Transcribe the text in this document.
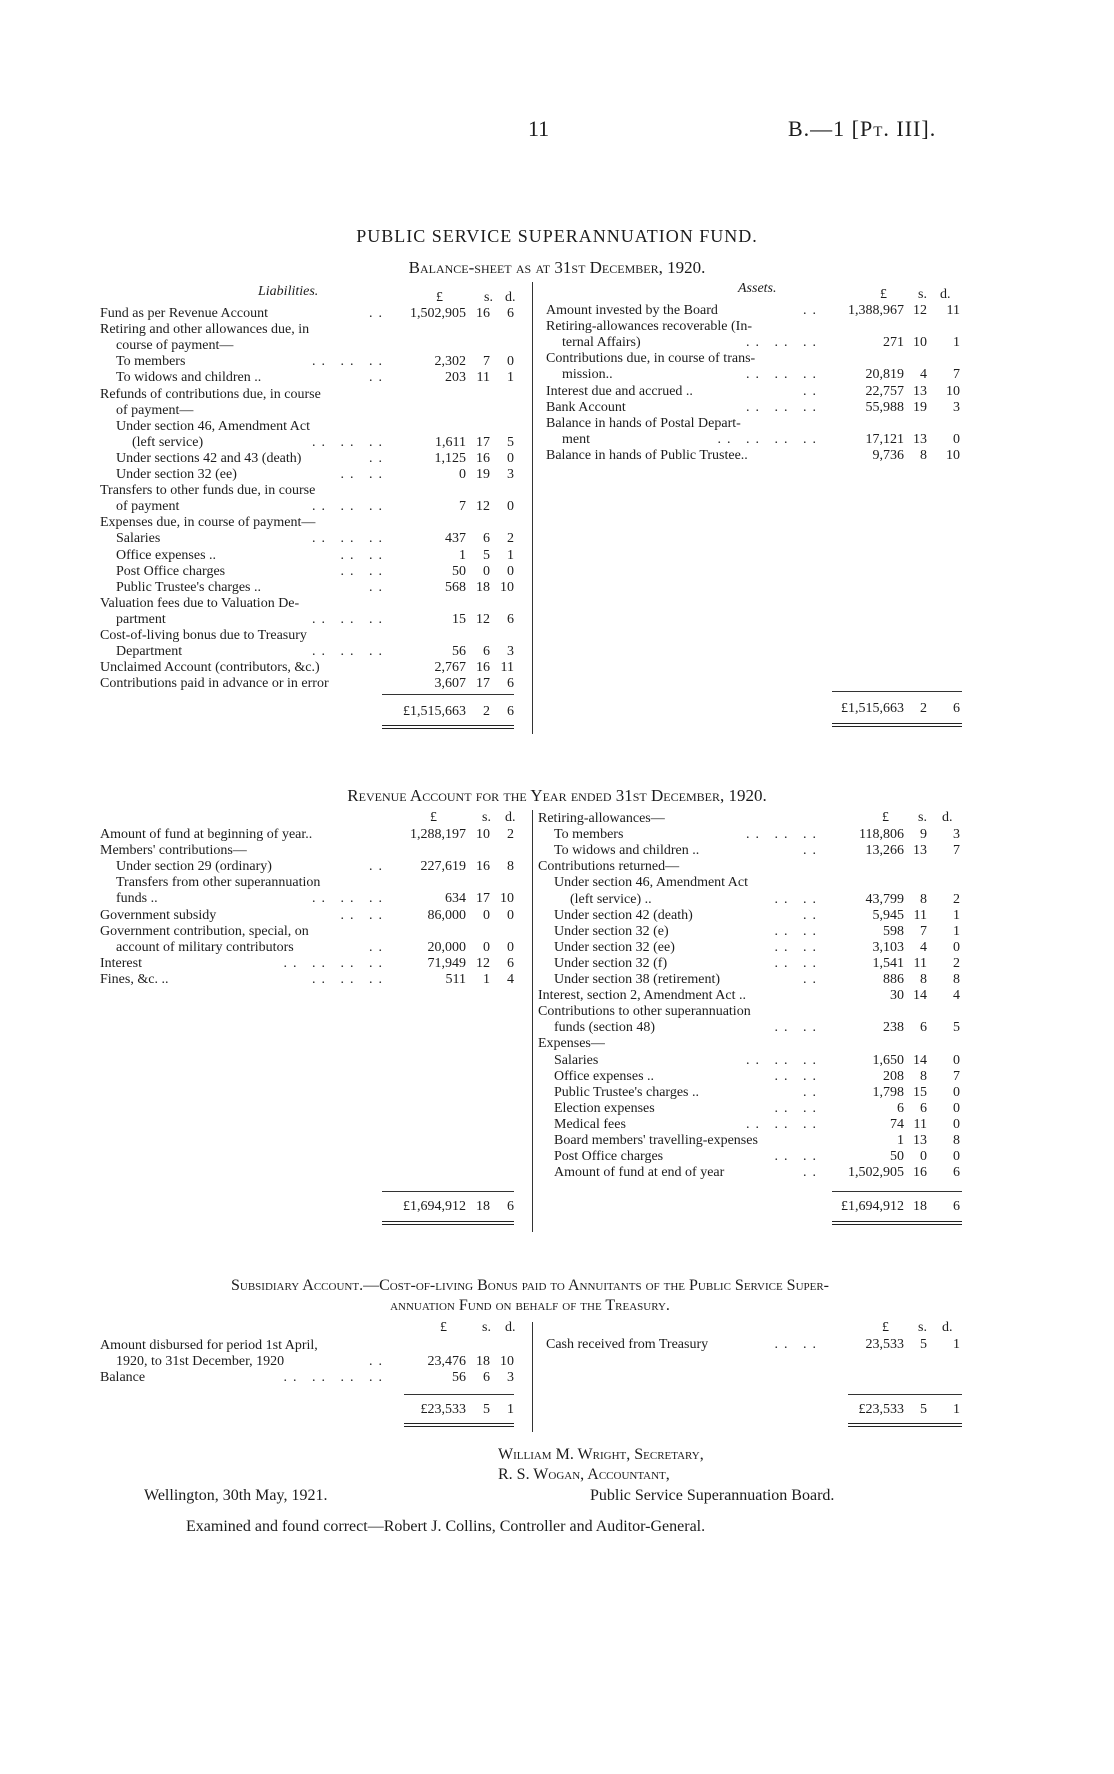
11	B.—1 [Pt. III].
PUBLIC SERVICE SUPERANNUATION FUND.
Balance-sheet as at 31st December, 1920.
Liabilities.	Assets.
£	s. d.	£ s. d.
Fund as per Revenue Account	.. 1,502,905 16 6
Retiring and other allowances due, in
course of payment—
To members	.. .. ..	2,302 7 0
To widows and children ..	..	203 11 1
Refunds of contributions due, in course
of payment—
Under section 46, Amendment Act
(left service)	.. .. ..	1,611 17 5
Under sections 42 and 43 (death)	..	1,125 16 0
Under section 32 (ee)	.. ..	0 19 3
Transfers to other funds due, in course
of payment	.. .. ..	7 12 0
Expenses due, in course of payment—
Salaries	.. .. ..	437 6 2
Office expenses ..	.. ..	1 5 1
Post Office charges	.. ..	50 0 0
Public Trustee's charges ..	..	568 18 10
Valuation fees due to Valuation De-
partment	.. .. ..	15 12 6
Cost-of-living bonus due to Treasury
Department	.. .. ..	56 6 3
Unclaimed Account (contributors, &c.)	2,767 16 11
Contributions paid in advance or in error	3,607 17 6
Amount invested by the Board	.. 1,388,967 12 11
Retiring-allowances recoverable (In-
ternal Affairs)	.. .. ..	271 10 1
Contributions due, in course of trans-
mission..	.. .. ..	20,819 4 7
Interest due and accrued ..	..	22,757 13 10
Bank Account	.. .. ..	55,988 19 3
Balance in hands of Postal Depart-
ment	.. .. .. ..	17,121 13 0
Balance in hands of Public Trustee..	9,736 8 10
£1,515,663 2 6	£1,515,663 2 6
Revenue Account for the Year ended 31st December, 1920.
£	s. d.	£ s. d.
Amount of fund at beginning of year..	1,288,197 10 2
Members' contributions—
Under section 29 (ordinary)	.. 227,619 16 8
Transfers from other superannuation
funds ..	.. .. ..	634 17 10
Government subsidy	.. ..	86,000 0 0
Government contribution, special, on
account of military contributors	..	20,000 0 0
Interest	.. .. .. ..	71,949 12 6
Fines, &c. ..	.. .. ..	511 1 4
Retiring-allowances—
To members	.. .. ..	118,806 9 3
To widows and children ..	..	13,266 13 7
Contributions returned—
Under section 46, Amendment Act
(left service) ..	.. ..	43,799 8 2
Under section 42 (death)	..	5,945 11 1
Under section 32 (e)	.. ..	598 7 1
Under section 32 (ee)	.. ..	3,103 4 0
Under section 32 (f)	.. ..	1,541 11 2
Under section 38 (retirement)	..	886 8 8
Interest, section 2, Amendment Act ..	30 14 4
Contributions to other superannuation
funds (section 48)	.. ..	238 6 5
Expenses—
Salaries	.. .. ..	1,650 14 0
Office expenses ..	.. ..	208 8 7
Public Trustee's charges ..	..	1,798 15 0
Election expenses	.. ..	6 6 0
Medical fees	.. .. ..	74 11 0
Board members' travelling-expenses	1 13 8
Post Office charges	.. ..	50 0 0
Amount of fund at end of year	.. 1,502,905 16 6
£1,694,912 18 6	£1,694,912 18 6
Subsidiary Account.—Cost-of-living Bonus paid to Annuitants of the Public Service Super-
annuation Fund on behalf of the Treasury.
£	s. d.	£ s. d.
Amount disbursed for period 1st April,
1920, to 31st December, 1920	..	23,476 18 10
Balance	.. .. .. ..	56 6 3
Cash received from Treasury	.. ..	23,533 5 1
£23,533 5 1	£23,533 5 1
William M. Wright, Secretary,
R. S. Wogan, Accountant,
Public Service Superannuation Board.
Wellington, 30th May, 1921.
Examined and found correct—Robert J. Collins, Controller and Auditor-General.
